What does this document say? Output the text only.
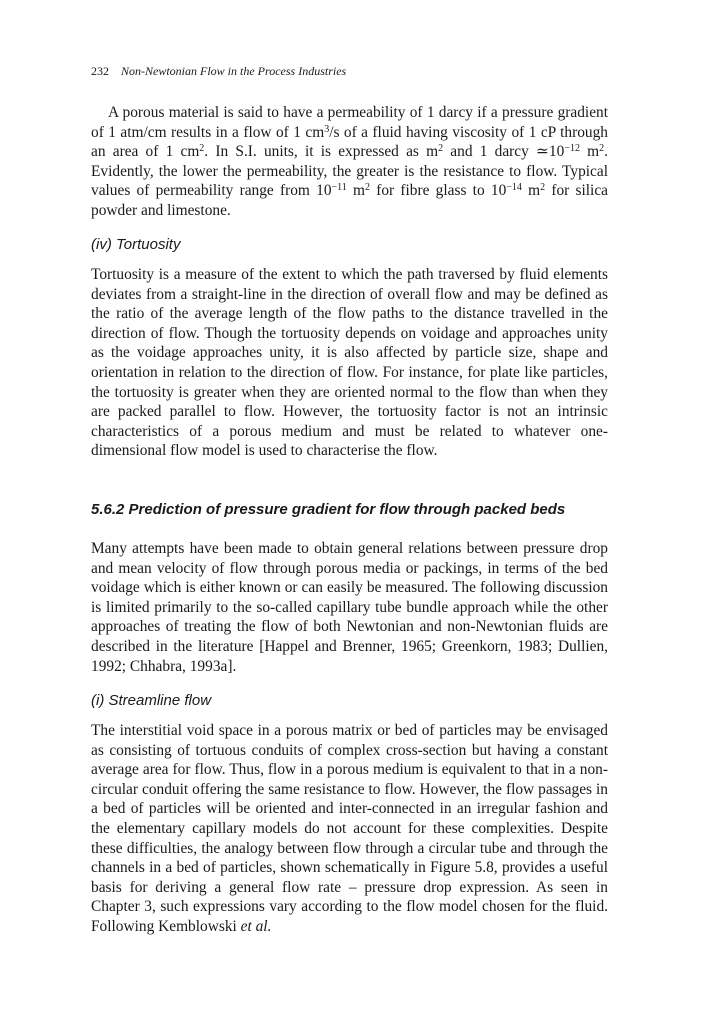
232 Non-Newtonian Flow in the Process Industries

A porous material is said to have a permeability of 1 darcy if a pressure gradient of 1 atm/cm results in a flow of 1 $cm^3/s$ of a fluid having viscosity of 1 cP through an area of 1 $cm^2$. In S.I. units, it is expressed as $m^2$ and 1 darcy $≃10^{-12}$ $m^2$. Evidently, the lower the permeability, the greater is the resistance to flow. Typical values of permeability range from $10^{-11}$ $m^2$ for fibre glass to $10^{-14}$ $m^2$ for silica powder and limestone.

(iv) Tortuosity

Tortuosity is a measure of the extent to which the path traversed by fluid elements deviates from a straight-line in the direction of overall flow and may be defined as the ratio of the average length of the flow paths to the distance travelled in the direction of flow. Though the tortuosity depends on voidage and approaches unity as the voidage approaches unity, it is also affected by particle size, shape and orientation in relation to the direction of flow. For instance, for plate like particles, the tortuosity is greater when they are oriented normal to the flow than when they are packed parallel to flow. However, the tortuosity factor is not an intrinsic characteristics of a porous medium and must be related to whatever one-dimensional flow model is used to characterise the flow.

5.6.2 Prediction of pressure gradient for flow through packed beds

Many attempts have been made to obtain general relations between pressure drop and mean velocity of flow through porous media or packings, in terms of the bed voidage which is either known or can easily be measured. The following discussion is limited primarily to the so-called capillary tube bundle approach while the other approaches of treating the flow of both Newtonian and non-Newtonian fluids are described in the literature [Happel and Brenner, 1965; Greenkorn, 1983; Dullien, 1992; Chhabra, 1993a].

(i) Streamline flow

The interstitial void space in a porous matrix or bed of particles may be envisaged as consisting of tortuous conduits of complex cross-section but having a constant average area for flow. Thus, flow in a porous medium is equivalent to that in a non-circular conduit offering the same resistance to flow. However, the flow passages in a bed of particles will be oriented and inter-connected in an irregular fashion and the elementary capillary models do not account for these complexities. Despite these difficulties, the analogy between flow through a circular tube and through the channels in a bed of particles, shown schematically in Figure 5.8, provides a useful basis for deriving a general flow rate – pressure drop expression. As seen in Chapter 3, such expressions vary according to the flow model chosen for the fluid. Following Kemblowski et al.
